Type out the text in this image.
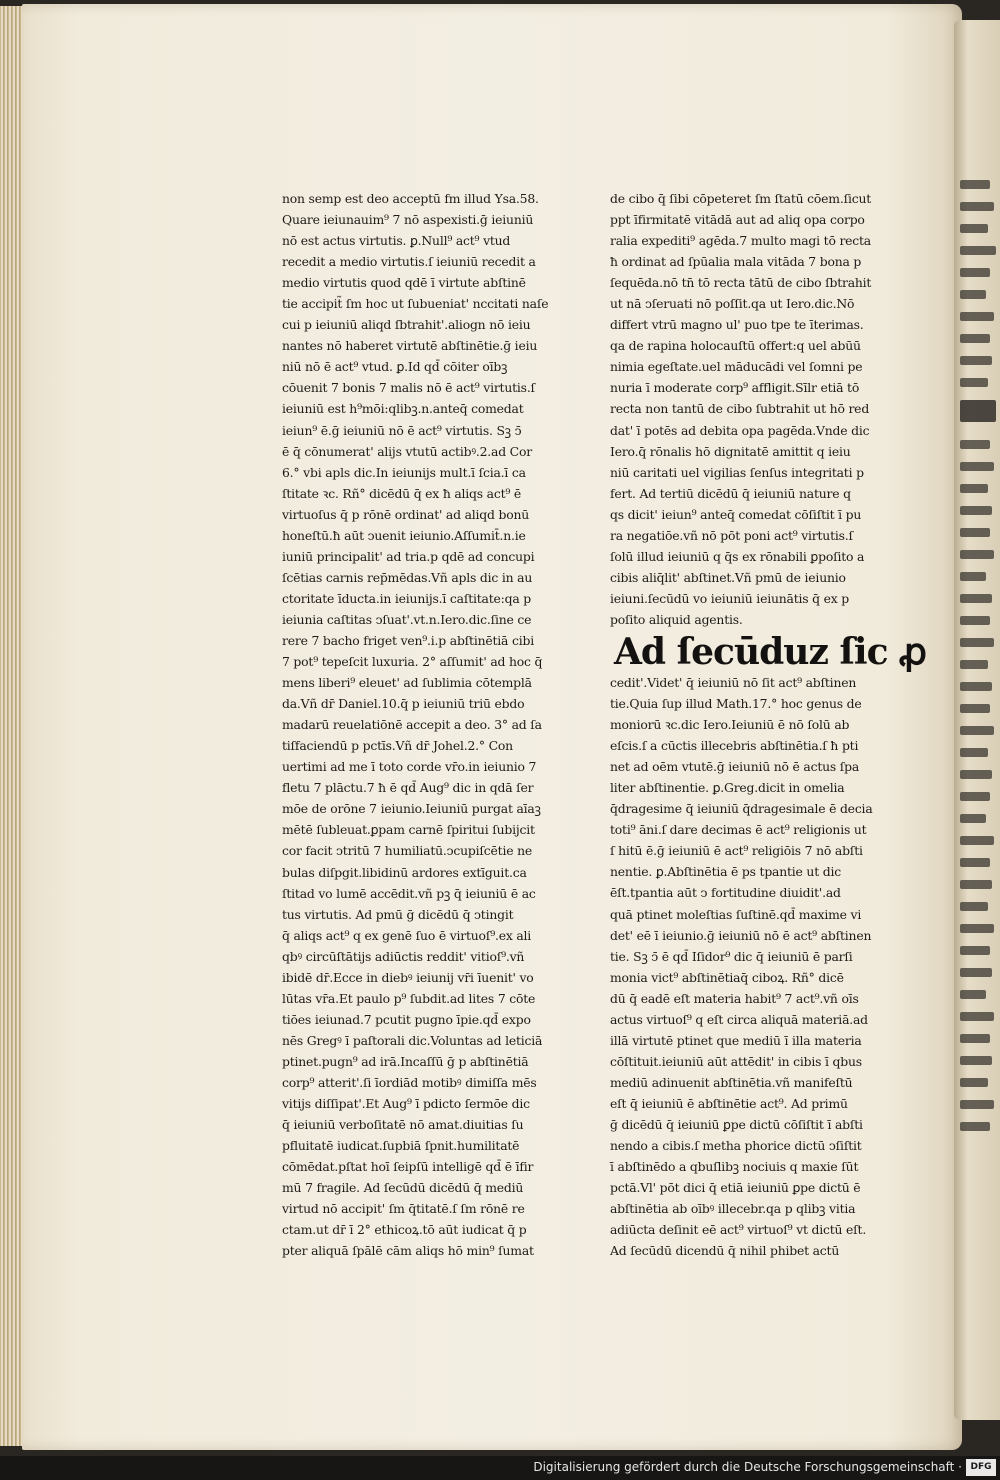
non semp est deo acceptū fm illud Ysa.58.
Quare ieiunauim⁹ 7 nō aspexisti.ḡ ieiuniū
nō est actus virtutis. ꝑ.Null⁹ act⁹ vtud
recedit a medio virtutis.ſ ieiuniū recedit a
medio virtutis quod qdē ī virtute abſtinē
tie accipit̃ ſm hoc ut ſubueniat' nccitati naſe
cui p ieiuniū aliqd ſbtrahit'.aliogn nō ieiu
nantes nō haberet virtutē abſtinētie.ḡ ieiu
niū nō ē act⁹ vtud. ꝑ.Id qd̄ cōiter oībꝫ
cōuenit 7 bonis 7 malis nō ē act⁹ virtutis.ſ
ieiuniū est h⁹mōi:qlibꝫ.n.anteq̄ comedat
ieiun⁹ ē.ḡ ieiuniū nō ē act⁹ virtutis. Sꝫ ↄ̄
ē q̄ cōnumerat' alijs vtutū actibꝰ.2.ad Cor
6.° vbi apls dic.In ieiunijs mult.ī ſcia.ī ca
ſtitate ꝛc. Rñ° dicēdū q̄ ex ħ aliqs act⁹ ē
virtuoſus q̄ p rōnē ordinat' ad aliqd bonū
honeſtū.ħ aūt ↄuenit ieiunio.Aſſumit̄.n.ie
iuniū principalit' ad tria.p qdē ad concupi
ſcētias carnis rep̄mēdas.Vñ apls dic in au
ctoritate īducta.in ieiunijs.ī caſtitate:qa p
ieiunia caſtitas ↄſuat'.vt.n.Iero.dic.ſine ce
rere 7 bacho friget ven⁹.i.p abſtinētiā cibi
7 pot⁹ tepeſcit luxuria. 2° aſſumit' ad hoc q̄
mens liberi⁹ eleuet' ad ſublimia cōtemplā
da.Vñ dr̄ Daniel.10.q̄ p ieiuniū triū ebdo
madarū reuelatiōnē accepit a deo. 3° ad ſa
tiſfaciendū p pctīs.Vñ dr̄ Johel.2.° Con
uertimi ad me ī toto corde vr̄o.in ieiunio 7
fletu 7 plāctu.7 ħ ē qd̄ Aug⁹ dic in qdā ſer
mōe de orōne 7 ieiunio.Ieiuniū purgat aīaꝫ
mētē ſubleuat.ꝑpam carnē ſpiritui ſubijcit
cor facit ↄtritū 7 humiliatū.ↄcupiſcētie ne
bulas diſpgit.libidinū ardores extīguit.ca
ſtitad vo lumē accēdit.vñ pꝫ q̄ ieiuniū ē ac
tus virtutis. Ad pmū ḡ dicēdū q̄ ↄtingit
q̄ aliqs act⁹ q ex genē ſuo ē virtuoſ⁹.ex ali
qbꝰ circūſtātijs adiūctis reddit' vitioſ⁹.vñ
ibidē dr̄.Ecce in diebꝰ ieiunij vr̄i īuenit' vo
lūtas vr̄a.Et paulo p⁹ ſubdit.ad lites 7 cōte
tiōes ieiunad.7 pcutit pugno īpie.qd̄ expo
nēs Gregꝰ ī paſtorali dic.Voluntas ad leticiā
ptinet.pugn⁹ ad irā.Incaſſū ḡ p abſtinētiā
corp⁹ atterit'.ſi īordiād motibꝰ dimiſſa mēs
vitijs diſſipat'.Et Aug⁹ ī pdicto ſermōe dic
q̄ ieiuniū verboſitatē nō amat.diuitias ſu
pfluitatē iudicat.ſupbiā ſpnit.humilitatē
cōmēdat.pſtat hoī ſeipſū intelligē qd̄ ē īfir
mū 7 fragile. Ad ſecūdū dicēdū q̄ mediū
virtud nō accipit' ſm q̄titatē.ſ ſm rōnē re
ctam.ut dr̄ ī 2° ethicoꝝ.tō aūt iudicat q̄ p
pter aliquā ſpālē cām aliqs hō min⁹ ſumat
de cibo q̄ ſibi cōpeteret ſm ſtatū cōem.ſicut
ppt īfirmitatē vitādā aut ad aliq opa corpo
ralia expediti⁹ agēda.7 multo magi tō recta
ħ ordinat ad ſpūalia mala vitāda 7 bona p
ſequēda.nō tn̄ tō recta tātū de cibo ſbtrahit
ut nā ↄſeruati nō poſſit.qa ut Iero.dic.Nō
differt vtrū magno ul' puo tpe te īterimas.
qa de rapina holocauſtū offert:q uel abūū
nimia egeſtate.uel māducādi vel ſomni pe
nuria ī moderate corp⁹ affligit.Sīlr etiā tō
recta non tantū de cibo ſubtrahit ut hō red
dat' ī potēs ad debita opa pagēda.Vnde dic
Iero.q̄ rōnalis hō dignitatē amittit q ieiu
niū caritati uel vigilias ſenſus integritati p
fert. Ad tertiū dicēdū q̄ ieiuniū nature q
qs dicit' ieiun⁹ anteq̄ comedat cōſiſtit ī pu
ra negatiōe.vñ nō pōt poni act⁹ virtutis.ſ
ſolū illud ieiuniū q q̄s ex rōnabili ꝑpoſito a
cibis aliq̄lit' abſtinet.Vñ pmū de ieiunio
ieiuni.ſecūdū vo ieiuniū ieiunātis q̄ ex p
poſito aliquid agentis.
Ad ſecūduz ſic ꝓ
cedit'.Videt' q̄ ieiuniū nō ſit act⁹ abſtinen
tie.Quia ſup illud Math.17.° hoc genus de
moniorū ꝛc.dic Iero.Ieiuniū ē nō ſolū ab
eſcis.ſ a cūctis illecebris abſtinētia.ſ ħ pti
net ad oēm vtutē.ḡ ieiuniū nō ē actus ſpa
liter abſtinentie. ꝑ.Greg.dicit in omelia
q̄dragesime q̄ ieiuniū q̄dragesimale ē decia
toti⁹ āni.ſ dare decimas ē act⁹ religionis ut
ſ hitū ē.ḡ ieiuniū ē act⁹ religiōis 7 nō abſti
nentie. ꝑ.Abſtinētia ē ps tpantie ut dic
ēſt.tpantia aūt ↄ fortitudine diuidit'.ad
quā ptinet moleſtias ſuſtinē.qd̄ maxime vi
det' eē ī ieiunio.ḡ ieiuniū nō ē act⁹ abſtinen
tie. Sꝫ ↄ̄ ē qd̄ Iſidor⁹ dic q̄ ieiuniū ē parſi
monia vict⁹ abſtinētiaq̄ ciboꝝ. Rñ° dicē
dū q̄ eadē eſt materia habit⁹ 7 act⁹.vñ oīs
actus virtuoſ⁹ q eſt circa aliquā materiā.ad
illā virtutē ptinet que mediū ī illa materia
cōſtituit.ieiuniū aūt attēdit' in cibis ī qbus
mediū adinuenit abſtinētia.vñ manifeſtū
eſt q̄ ieiuniū ē abſtinētie act⁹. Ad primū
ḡ dicēdū q̄ ieiuniū ꝑpe dictū cōſiſtit ī abſti
nendo a cibis.ſ metha phorice dictū ↄſiſtit
ī abſtinēdo a qbuſlibꝫ nociuis q maxie ſūt
pctā.Vl' pōt dici q̄ etiā ieiuniū ꝑpe dictū ē
abſtinētia ab oībꝰ illecebr.qa p qlibꝫ vitia
adiūcta deſinit eē act⁹ virtuoſ⁹ vt dictū eſt.
Ad ſecūdū dicendū q̄ nihil phibet actū
Digitalisierung gefördert durch die Deutsche Forschungsgemeinschaft · DFG
